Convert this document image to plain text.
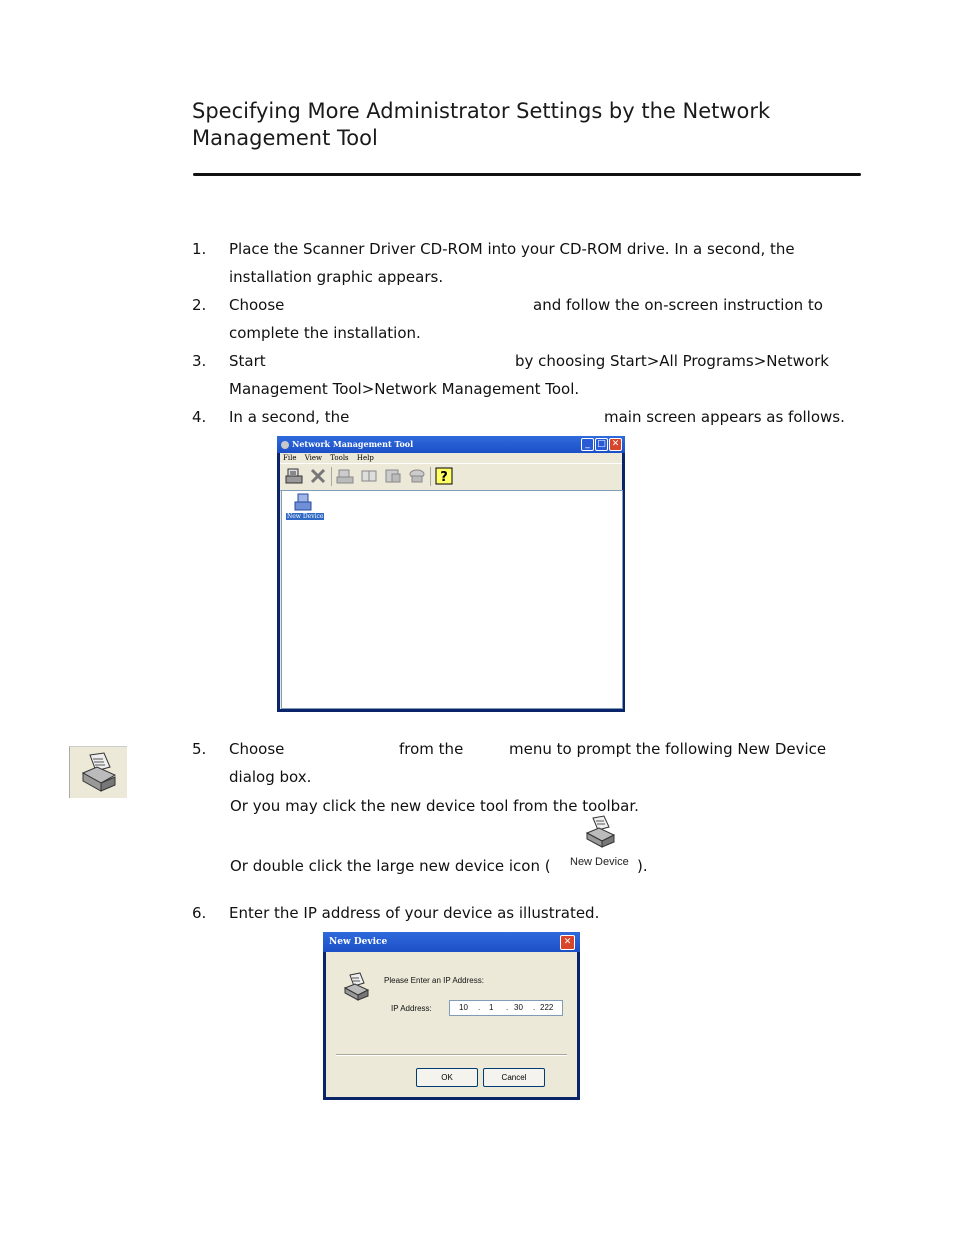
Specifying More Administrator Settings by the Network Management Tool
1. Place the Scanner Driver CD-ROM into your CD-ROM drive. In a second, the
installation graphic appears.
2. Choose	and follow the on-screen instruction to
complete the installation.
3. Start	by choosing Start>All Programs>Network
Management Tool>Network Management Tool.
4. In a second, the	main screen appears as follows.
Network Management Tool	_ □ ✕
File View Tools Help
?
New Device
5. Choose	from the	menu to prompt the following New Device
dialog box.
Or you may click the new device tool from the toolbar.
Or double click the large new device icon ( New Device ).
6. Enter the IP address of your device as illustrated.
New Device	✕
Please Enter an IP Address:
IP Address:	10 . 1 . 30 . 222
OK	Cancel
